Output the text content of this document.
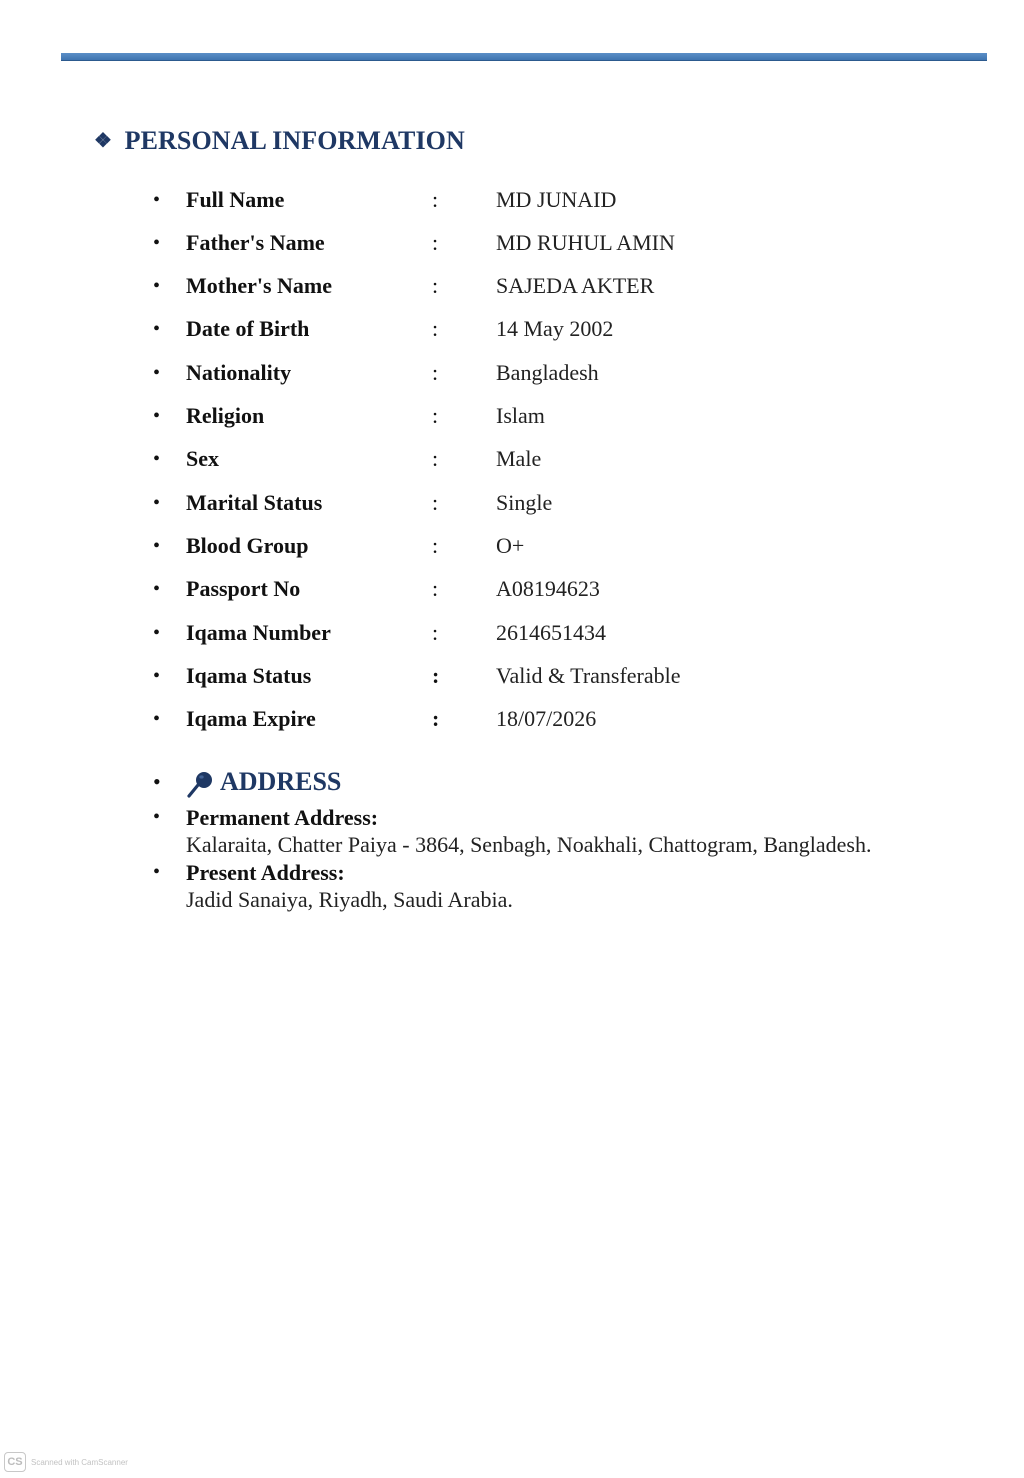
❖ PERSONAL INFORMATION
•	Full Name	:	MD JUNAID
•	Father's Name	:	MD RUHUL AMIN
•	Mother's Name	:	SAJEDA AKTER
•	Date of Birth	:	14 May 2002
•	Nationality	:	Bangladesh
•	Religion	:	Islam
•	Sex	:	Male
•	Marital Status	:	Single
•	Blood Group	:	O+
•	Passport No	:	A08194623
•	Iqama Number	:	2614651434
•	Iqama Status	:	Valid & Transferable
•	Iqama Expire	:	18/07/2026
•	ADDRESS
•	Permanent Address:
Kalaraita, Chatter Paiya - 3864, Senbagh, Noakhali, Chattogram, Bangladesh.
•	Present Address:
Jadid Sanaiya, Riyadh, Saudi Arabia.
CS	Scanned with CamScanner
